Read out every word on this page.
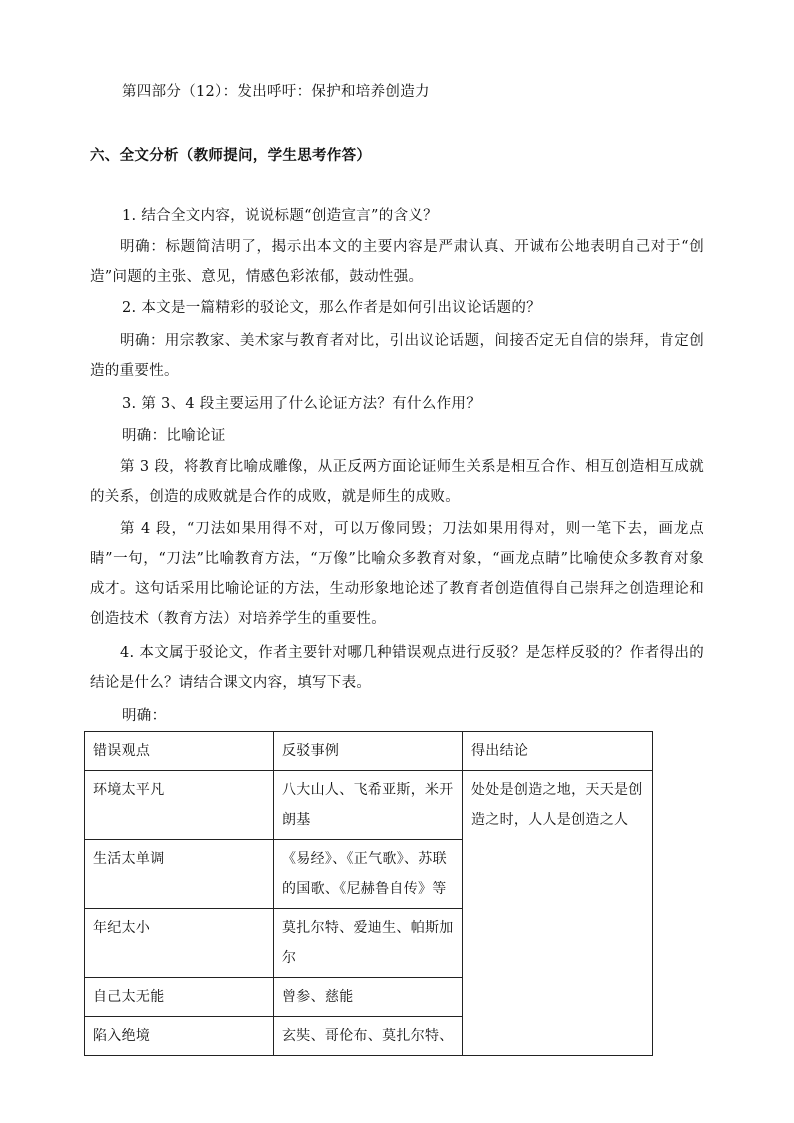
第四部分（12）：发出呼吁：保护和培养创造力
六、全文分析（教师提问，学生思考作答）
1. 结合全文内容，说说标题“创造宣言”的含义？
明确：标题简洁明了，揭示出本文的主要内容是严肃认真、开诚布公地表明自己对于“创造”问题的主张、意见，情感色彩浓郁，鼓动性强。
2. 本文是一篇精彩的驳论文，那么作者是如何引出议论话题的？
明确：用宗教家、美术家与教育者对比，引出议论话题，间接否定无自信的崇拜，肯定创造的重要性。
3. 第 3、4 段主要运用了什么论证方法？有什么作用？
明确：比喻论证
第 3 段，将教育比喻成雕像，从正反两方面论证师生关系是相互合作、相互创造相互成就的关系，创造的成败就是合作的成败，就是师生的成败。
第 4 段，“刀法如果用得不对，可以万像同毁；刀法如果用得对，则一笔下去，画龙点睛”一句，“刀法”比喻教育方法，“万像”比喻众多教育对象，“画龙点睛”比喻使众多教育对象成才。这句话采用比喻论证的方法，生动形象地论述了教育者创造值得自己崇拜之创造理论和创造技术（教育方法）对培养学生的重要性。
4. 本文属于驳论文，作者主要针对哪几种错误观点进行反驳？是怎样反驳的？作者得出的结论是什么？请结合课文内容，填写下表。
明确：
错误观点	反驳事例	得出结论
环境太平凡	八大山人、飞希亚斯，米开朗基	处处是创造之地，天天是创造之时，人人是创造之人
生活太单调	《易经》、《正气歌》、苏联的国歌、《尼赫鲁自传》等	
年纪太小	莫扎尔特、爱迪生、帕斯加尔	
自己太无能	曾参、慈能	
陷入绝境	玄奘、哥伦布、莫扎尔特、	
